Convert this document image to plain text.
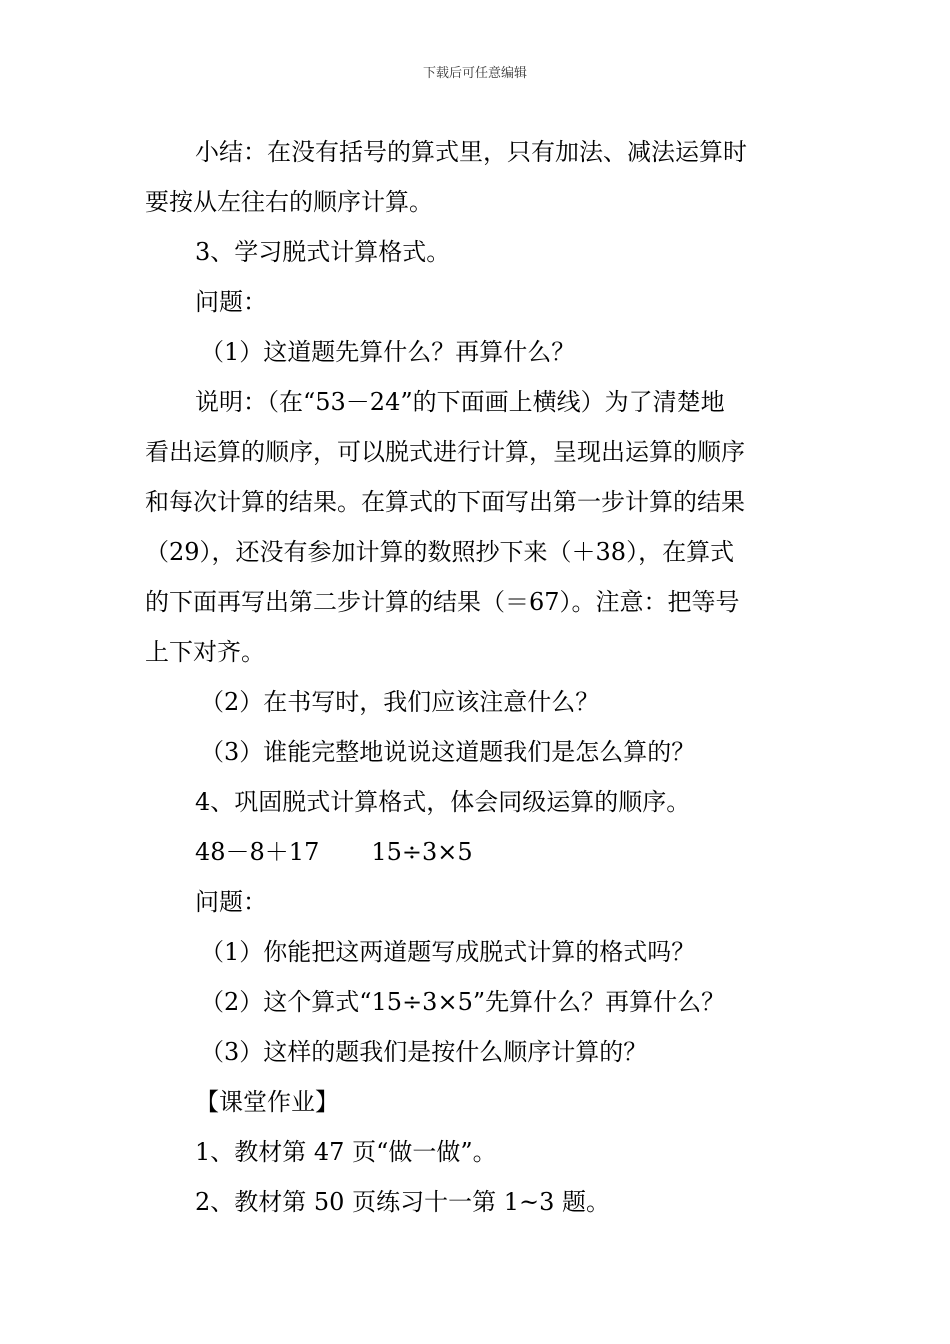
下载后可任意编辑
小结：在没有括号的算式里，只有加法、减法运算时
要按从左往右的顺序计算。
3、学习脱式计算格式。
问题：
（1）这道题先算什么？再算什么？
说明：（在“53－24”的下面画上横线）为了清楚地
看出运算的顺序，可以脱式进行计算，呈现出运算的顺序
和每次计算的结果。在算式的下面写出第一步计算的结果
（29），还没有参加计算的数照抄下来（＋38），在算式
的下面再写出第二步计算的结果（＝67）。注意：把等号
上下对齐。
（2）在书写时，我们应该注意什么？
（3）谁能完整地说说这道题我们是怎么算的？
4、巩固脱式计算格式，体会同级运算的顺序。
48－8＋17 15÷3×5
问题：
（1）你能把这两道题写成脱式计算的格式吗？
（2）这个算式“15÷3×5”先算什么？再算什么？
（3）这样的题我们是按什么顺序计算的？
【课堂作业】
1、教材第 47 页“做一做”。
2、教材第 50 页练习十一第 1~3 题。
